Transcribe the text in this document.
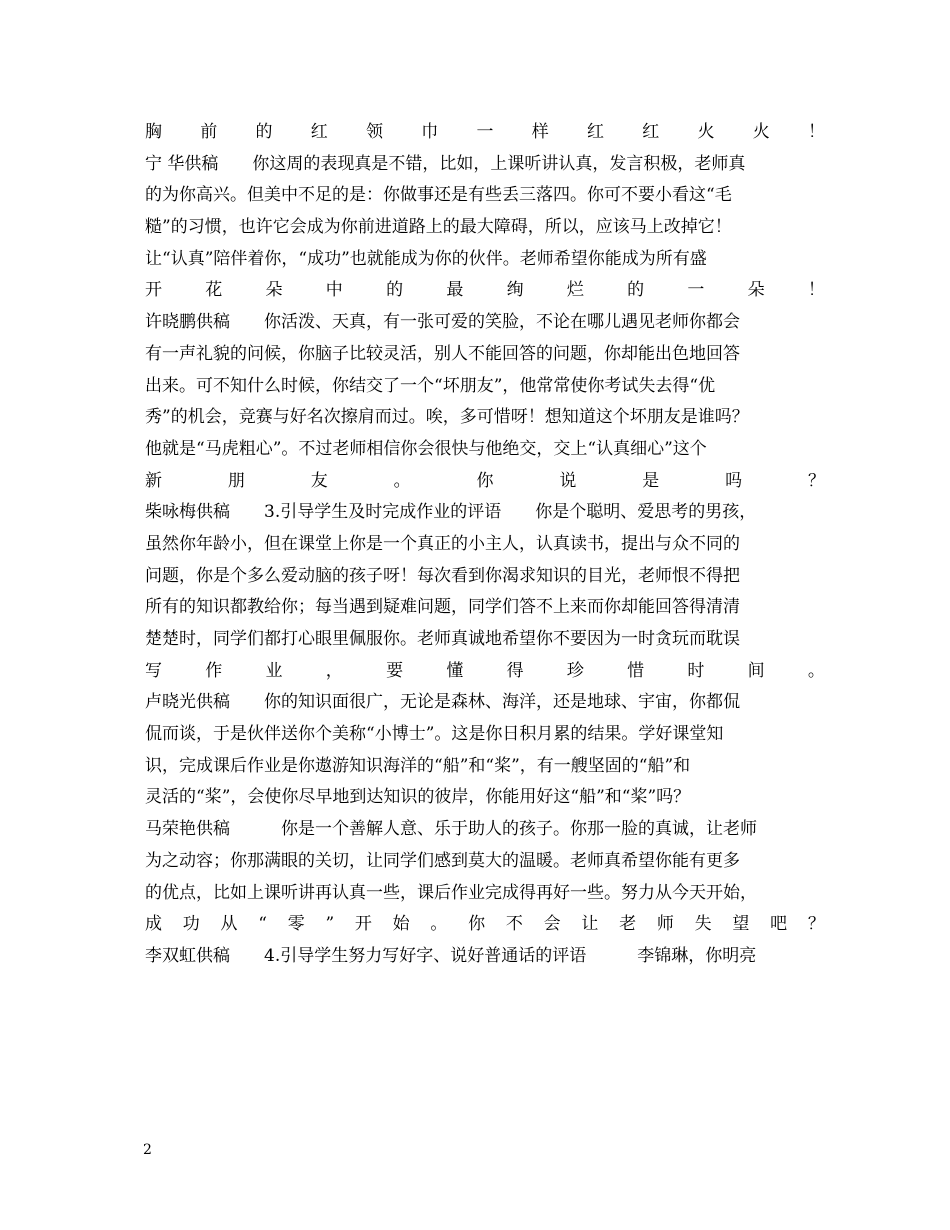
胸 前 的 红 领 巾 一 样 红 红 火 火 ！
宁 华供稿　　你这周的表现真是不错，比如，上课听讲认真，发言积极，老师真
的为你高兴。但美中不足的是：你做事还是有些丢三落四。你可不要小看这“毛
糙”的习惯，也许它会成为你前进道路上的最大障碍，所以，应该马上改掉它！
让“认真”陪伴着你，“成功”也就能成为你的伙伴。老师希望你能成为所有盛
开	花	朵	中	的	最	绚	烂	的	一	朵	！
许晓鹏供稿　　你活泼、天真，有一张可爱的笑脸，不论在哪儿遇见老师你都会
有一声礼貌的问候，你脑子比较灵活，别人不能回答的问题，你却能出色地回答
出来。可不知什么时候，你结交了一个“坏朋友”，他常常使你考试失去得“优
秀”的机会，竞赛与好名次擦肩而过。唉，多可惜呀！想知道这个坏朋友是谁吗？
他就是“马虎粗心”。不过老师相信你会很快与他绝交，交上“认真细心”这个
新	朋	友	。	你	说	是	吗	？
柴咏梅供稿　　3.引导学生及时完成作业的评语　　你是个聪明、爱思考的男孩，
虽然你年龄小，但在课堂上你是一个真正的小主人，认真读书，提出与众不同的
问题，你是个多么爱动脑的孩子呀！每次看到你渴求知识的目光，老师恨不得把
所有的知识都教给你；每当遇到疑难问题，同学们答不上来而你却能回答得清清
楚楚时，同学们都打心眼里佩服你。老师真诚地希望你不要因为一时贪玩而耽误
写	作	业	，	要	懂	得	珍	惜	时	间	。
卢晓光供稿　　你的知识面很广，无论是森林、海洋，还是地球、宇宙，你都侃
侃而谈，于是伙伴送你个美称“小博士”。这是你日积月累的结果。学好课堂知
识，完成课后作业是你遨游知识海洋的“船”和“桨”，有一艘坚固的“船”和
灵活的“桨”，会使你尽早地到达知识的彼岸，你能用好这“船”和“桨”吗？
马荣艳供稿　　　你是一个善解人意、乐于助人的孩子。你那一脸的真诚，让老师
为之动容；你那满眼的关切，让同学们感到莫大的温暖。老师真希望你能有更多
的优点，比如上课听讲再认真一些，课后作业完成得再好一些。努力从今天开始，
成 功 从 “ 零 ” 开 始 。 你 不 会 让 老 师 失 望 吧 ？
李双虹供稿　　4.引导学生努力写好字、说好普通话的评语　　　李锦琳，你明亮
2
